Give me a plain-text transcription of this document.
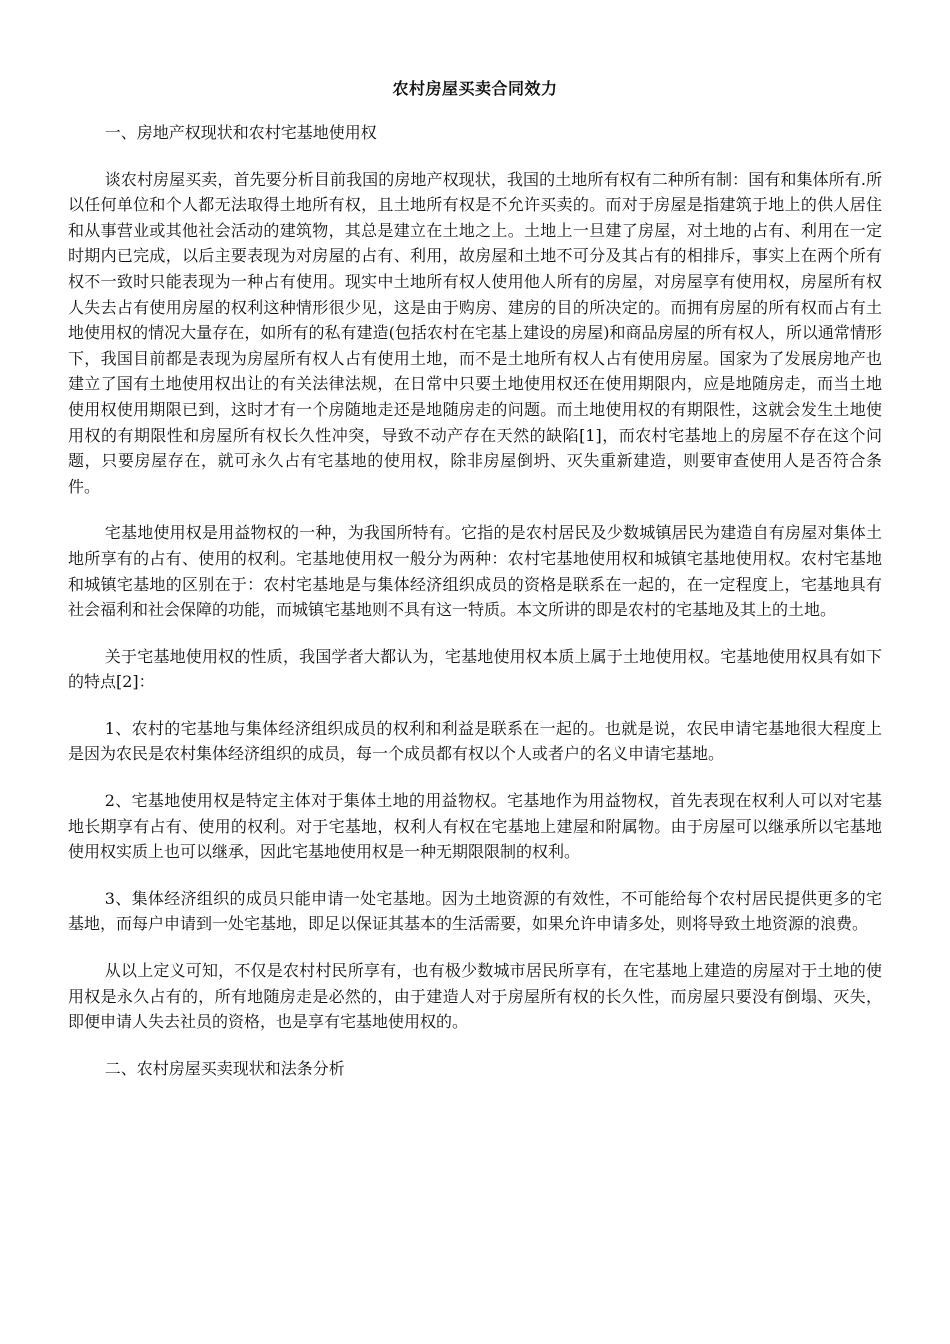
农村房屋买卖合同效力
一、房地产权现状和农村宅基地使用权

谈农村房屋买卖，首先要分析目前我国的房地产权现状，我国的土地所有权有二种所有制：国有和集体所有.所以任何单位和个人都无法取得土地所有权，且土地所有权是不允许买卖的。而对于房屋是指建筑于地上的供人居住和从事营业或其他社会活动的建筑物，其总是建立在土地之上。土地上一旦建了房屋，对土地的占有、利用在一定时期内已完成，以后主要表现为对房屋的占有、利用，故房屋和土地不可分及其占有的相排斥，事实上在两个所有权不一致时只能表现为一种占有使用。现实中土地所有权人使用他人所有的房屋，对房屋享有使用权，房屋所有权人失去占有使用房屋的权利这种情形很少见，这是由于购房、建房的目的所决定的。而拥有房屋的所有权而占有土地使用权的情况大量存在，如所有的私有建造(包括农村在宅基上建设的房屋)和商品房屋的所有权人，所以通常情形下，我国目前都是表现为房屋所有权人占有使用土地，而不是土地所有权人占有使用房屋。国家为了发展房地产也建立了国有土地使用权出让的有关法律法规，在日常中只要土地使用权还在使用期限内，应是地随房走，而当土地使用权使用期限已到，这时才有一个房随地走还是地随房走的问题。而土地使用权的有期限性，这就会发生土地使用权的有期限性和房屋所有权长久性冲突，导致不动产存在天然的缺陷[1]，而农村宅基地上的房屋不存在这个问题，只要房屋存在，就可永久占有宅基地的使用权，除非房屋倒坍、灭失重新建造，则要审查使用人是否符合条件。

宅基地使用权是用益物权的一种，为我国所特有。它指的是农村居民及少数城镇居民为建造自有房屋对集体土地所享有的占有、使用的权利。宅基地使用权一般分为两种：农村宅基地使用权和城镇宅基地使用权。农村宅基地和城镇宅基地的区别在于：农村宅基地是与集体经济组织成员的资格是联系在一起的，在一定程度上，宅基地具有社会福利和社会保障的功能，而城镇宅基地则不具有这一特质。本文所讲的即是农村的宅基地及其上的土地。

关于宅基地使用权的性质，我国学者大都认为，宅基地使用权本质上属于土地使用权。宅基地使用权具有如下的特点[2]：

1、农村的宅基地与集体经济组织成员的权利和利益是联系在一起的。也就是说，农民申请宅基地很大程度上是因为农民是农村集体经济组织的成员，每一个成员都有权以个人或者户的名义申请宅基地。

2、宅基地使用权是特定主体对于集体土地的用益物权。宅基地作为用益物权，首先表现在权利人可以对宅基地长期享有占有、使用的权利。对于宅基地，权利人有权在宅基地上建屋和附属物。由于房屋可以继承所以宅基地使用权实质上也可以继承，因此宅基地使用权是一种无期限限制的权利。

3、集体经济组织的成员只能申请一处宅基地。因为土地资源的有效性，不可能给每个农村居民提供更多的宅基地，而每户申请到一处宅基地，即足以保证其基本的生活需要，如果允许申请多处，则将导致土地资源的浪费。

从以上定义可知，不仅是农村村民所享有，也有极少数城市居民所享有，在宅基地上建造的房屋对于土地的使用权是永久占有的，所有地随房走是必然的，由于建造人对于房屋所有权的长久性，而房屋只要没有倒塌、灭失，即便申请人失去社员的资格，也是享有宅基地使用权的。

二、农村房屋买卖现状和法条分析
